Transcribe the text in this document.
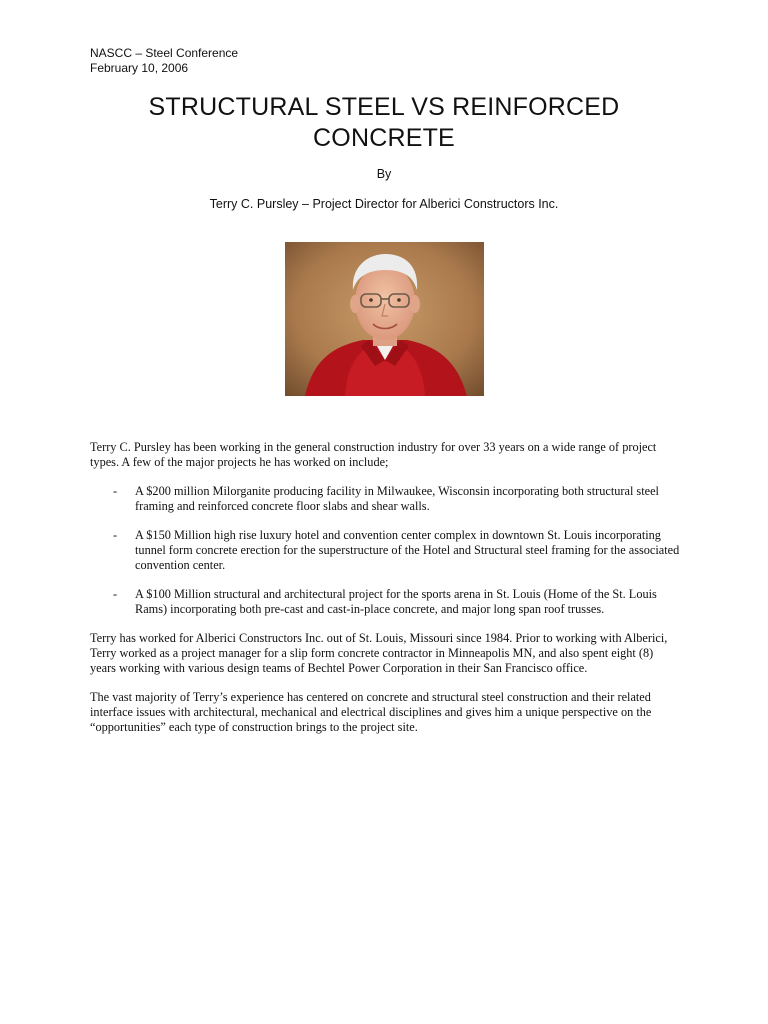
NASCC – Steel Conference
February 10, 2006
STRUCTURAL STEEL VS REINFORCED
CONCRETE
By
Terry C. Pursley – Project Director for Alberici Constructors Inc.

Terry C. Pursley has been working in the general construction industry for over 33 years on a wide range of project types. A few of the major projects he has worked on include;

- A $200 million Milorganite producing facility in Milwaukee, Wisconsin incorporating both structural steel framing and reinforced concrete floor slabs and shear walls.
- A $150 Million high rise luxury hotel and convention center complex in downtown St. Louis incorporating tunnel form concrete erection for the superstructure of the Hotel and Structural steel framing for the associated convention center.
- A $100 Million structural and architectural project for the sports arena in St. Louis (Home of the St. Louis Rams) incorporating both pre-cast and cast-in-place concrete, and major long span roof trusses.

Terry has worked for Alberici Constructors Inc. out of St. Louis, Missouri since 1984. Prior to working with Alberici, Terry worked as a project manager for a slip form concrete contractor in Minneapolis MN, and also spent eight (8) years working with various design teams of Bechtel Power Corporation in their San Francisco office.

The vast majority of Terry’s experience has centered on concrete and structural steel construction and their related interface issues with architectural, mechanical and electrical disciplines and gives him a unique perspective on the “opportunities” each type of construction brings to the project site.
